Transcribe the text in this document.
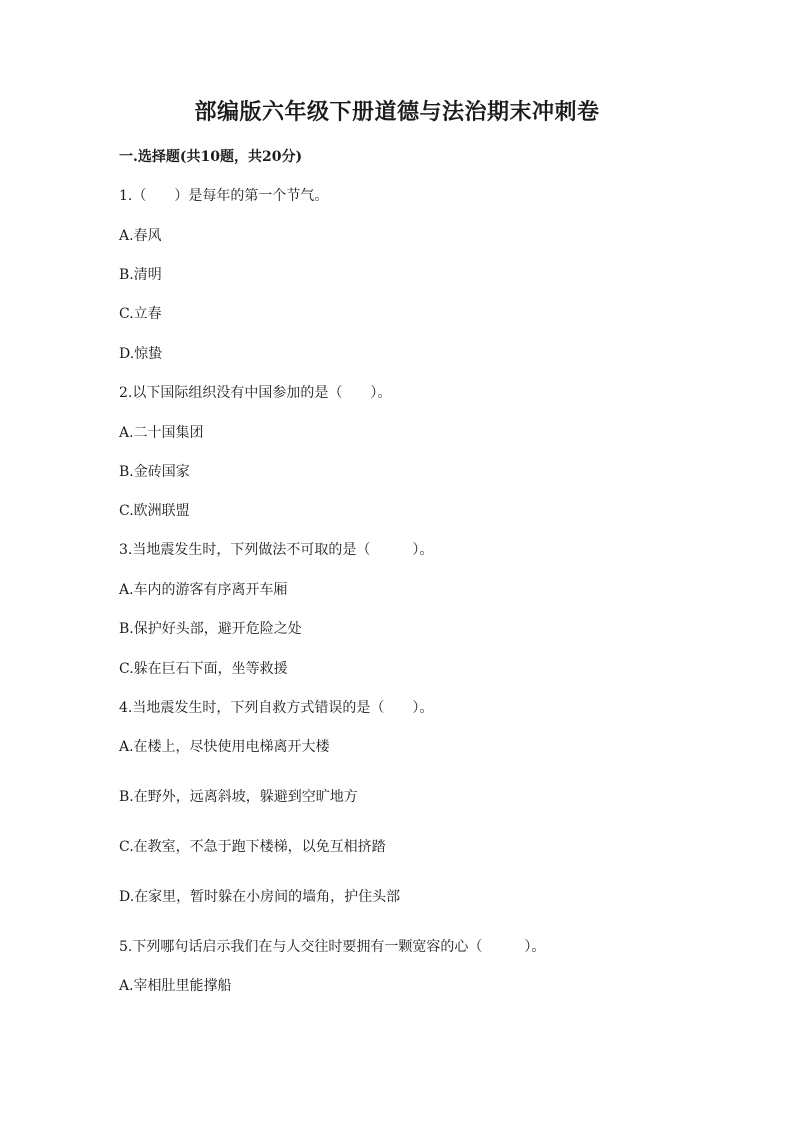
部编版六年级下册道德与法治期末冲刺卷
一.选择题(共10题，共20分)
1.（　　）是每年的第一个节气。
A.春风
B.清明
C.立春
D.惊蛰
2.以下国际组织没有中国参加的是（　　）。
A.二十国集团
B.金砖国家
C.欧洲联盟
3.当地震发生时，下列做法不可取的是（　　　）。
A.车内的游客有序离开车厢
B.保护好头部，避开危险之处
C.躲在巨石下面，坐等救援
4.当地震发生时，下列自救方式错误的是（　　）。
A.在楼上，尽快使用电梯离开大楼
B.在野外，远离斜坡，躲避到空旷地方
C.在教室，不急于跑下楼梯，以免互相挤踏
D.在家里，暂时躲在小房间的墙角，护住头部
5.下列哪句话启示我们在与人交往时要拥有一颗宽容的心（　　　）。
A.宰相肚里能撑船
